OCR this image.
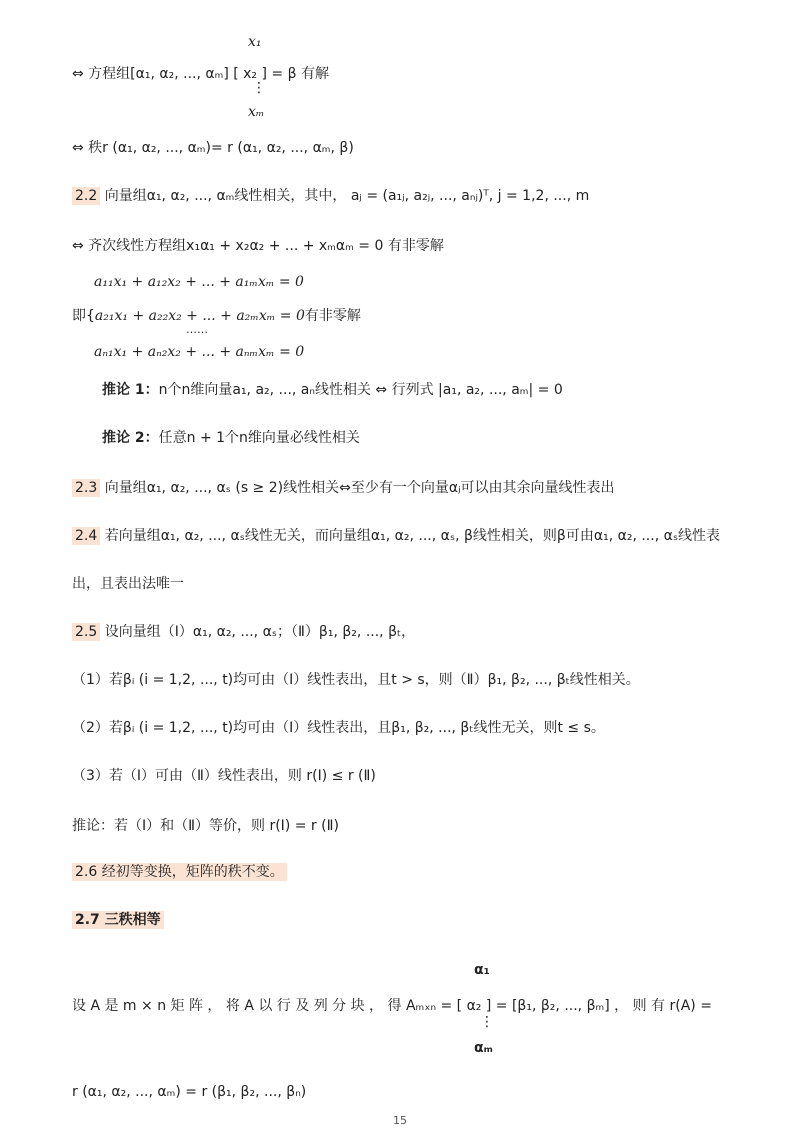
x₁
⇔ 方程组[α₁, α₂, ..., αₘ] [ x₂ ] = β 有解
⋮
xₘ
⇔ 秩r (α₁, α₂, ..., αₘ)= r (α₁, α₂, ..., αₘ, β)
2.2 向量组α₁, α₂, ..., αₘ线性相关，其中， aⱼ = (a₁ⱼ, a₂ⱼ, ..., aₙⱼ)ᵀ, j = 1,2, ..., m
⇔ 齐次线性方程组x₁α₁ + x₂α₂ + ... + xₘαₘ = 0 有非零解
a₁₁x₁ + a₁₂x₂ + ... + a₁ₘxₘ = 0
即{a₂₁x₁ + a₂₂x₂ + ... + a₂ₘxₘ = 0有非零解
……
aₙ₁x₁ + aₙ₂x₂ + ... + aₙₘxₘ = 0
推论 1：n个n维向量a₁, a₂, ..., aₙ线性相关 ⇔ 行列式 |a₁, a₂, ..., aₘ| = 0
推论 2：任意n + 1个n维向量必线性相关
2.3 向量组α₁, α₂, ..., αₛ (s ≥ 2)线性相关⇔至少有一个向量αⱼ可以由其余向量线性表出
2.4 若向量组α₁, α₂, ..., αₛ线性无关，而向量组α₁, α₂, ..., αₛ, β线性相关，则β可由α₁, α₂, ..., αₛ线性表
出，且表出法唯一
2.5 设向量组（Ⅰ）α₁, α₂, ..., αₛ；（Ⅱ）β₁, β₂, ..., βₜ，
（1）若βᵢ (i = 1,2, ..., t)均可由（Ⅰ）线性表出，且t > s，则（Ⅱ）β₁, β₂, ..., βₜ线性相关。
（2）若βᵢ (i = 1,2, ..., t)均可由（Ⅰ）线性表出，且β₁, β₂, ..., βₜ线性无关，则t ≤ s。
（3）若（Ⅰ）可由（Ⅱ）线性表出，则 r(Ⅰ) ≤ r (Ⅱ)
推论：若（Ⅰ）和（Ⅱ）等价，则 r(Ⅰ) = r (Ⅱ)
2.6 经初等变换，矩阵的秩不变。
2.7 三秩相等
α₁
设 A 是 m × n 矩 阵 ， 将 A 以 行 及 列 分 块 ， 得 Aₘₓₙ = [ α₂ ] = [β₁, β₂, ..., βₘ] ， 则 有 r(A) =
⋮
αₘ
r (α₁, α₂, ..., αₘ) = r (β₁, β₂, ..., βₙ)
15
